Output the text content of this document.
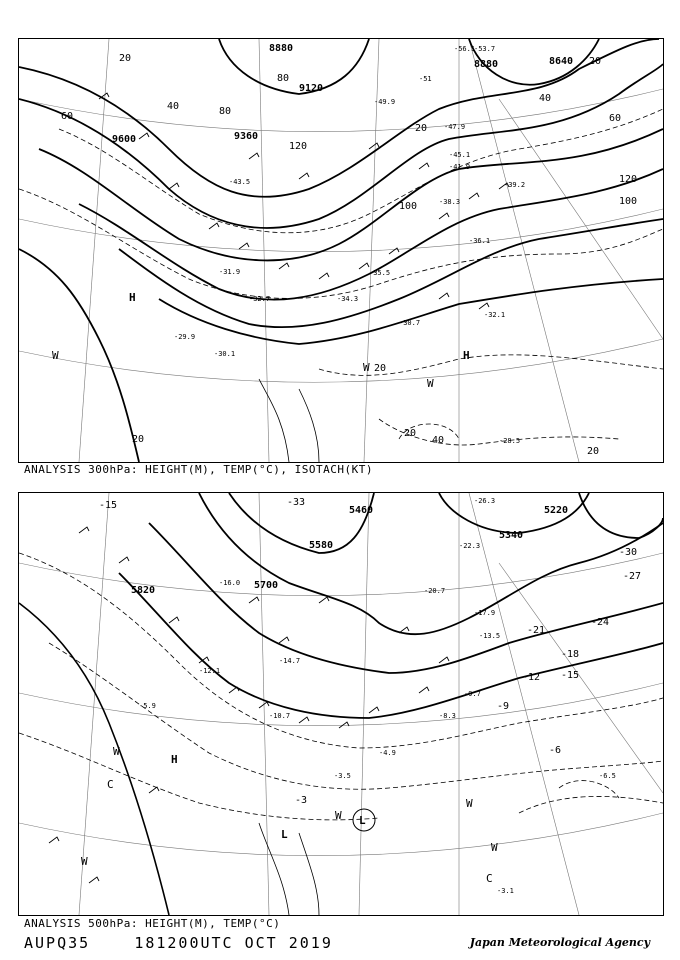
8880
8880	8640
9120
9360
9600
20
40
60
80
100
120
20
40
60
80
100
120
20
20
20
40
20
20
-56.1
-53.7
-51
-49.9
-47.9
-45.1
-43.5
-41.9
-39.2
-38.3
-36.1
-35.5
-34.3
-32.7
-31.9
-30.7
-32.1
-28.5
-29.9
-30.1
H
H
W
W
W
ANALYSIS 300hPa: HEIGHT(M), TEMP(°C), ISOTACH(KT)
5820	5700
5580
5460
5340
5220
-15	-33
-30
-27
-24
-21
-18
-15
-12
-9
-6
-3
-26.3
-22.3
-20.7
-17.9
-13.5
-9.7
-8.3
-4.9
-3.5	-6.5
-3.1
-16.0
-14.7
-12.1
-10.7
-5.9
H
L
L
W
W
W
W
W
C
C
ANALYSIS 500hPa: HEIGHT(M), TEMP(°C)
AUPQ35	181200UTC OCT 2019	Japan Meteorological Agency
